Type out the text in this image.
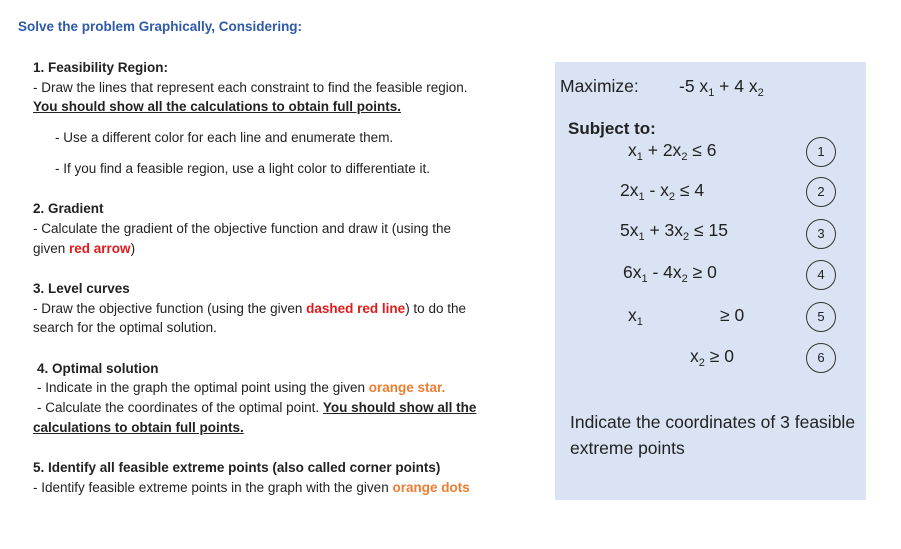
Solve the problem Graphically, Considering:
1. Feasibility Region:
- Draw the lines that represent each constraint to find the feasible region.
You should show all the calculations to obtain full points.
- Use a different color for each line and enumerate them.
- If you find a feasible region, use a light color to differentiate it.
2. Gradient
- Calculate the gradient of the objective function and draw it (using the
given red arrow)
3. Level curves
- Draw the objective function (using the given dashed red line) to do the
search for the optimal solution.
4. Optimal solution
- Indicate in the graph the optimal point using the given orange star.
- Calculate the coordinates of the optimal point. You should show all the
calculations to obtain full points.
5. Identify all feasible extreme points (also called corner points)
- Identify feasible extreme points in the graph with the given orange dots
Maximize: -5 $x_1 + 4$ $x_2$
Subject to:
$x_1 + 2x_2 \le 6$	1
$2x_1 - x_2 \le 4$	2
$5x_1 + 3x_2 \le 15$	3
$6x_1 - 4x_2 \ge 0$	4
$x_1$	≥ 0	5
$x_2 \ge 0$	6
Indicate the coordinates of 3 feasible extreme points
